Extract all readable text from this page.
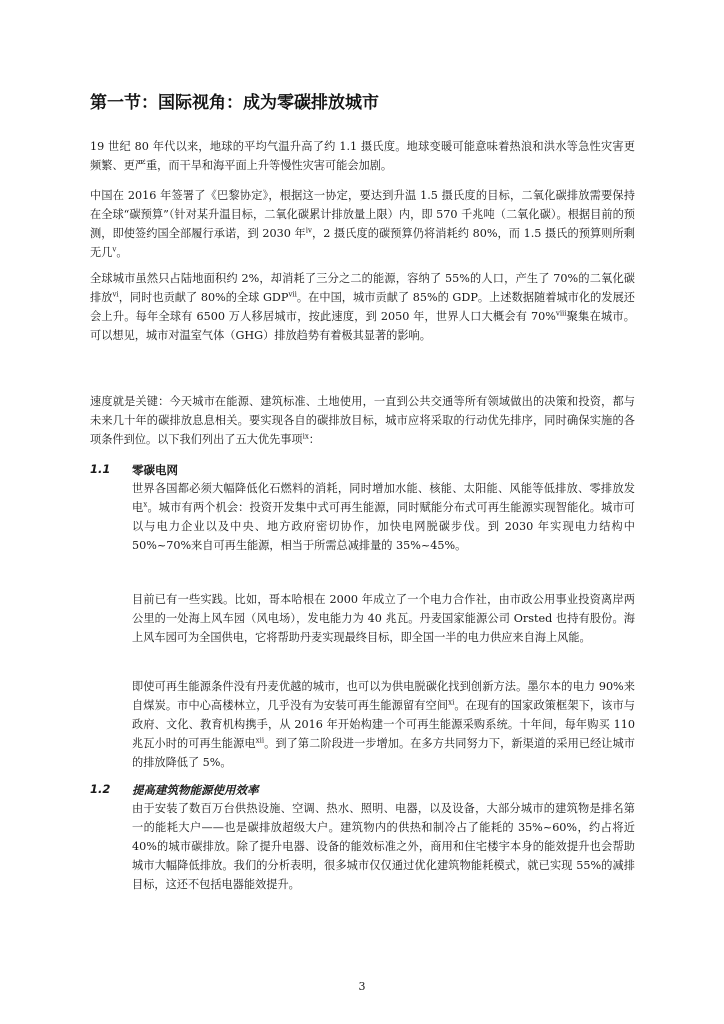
第一节：国际视角：成为零碳排放城市

19 世纪 80 年代以来，地球的平均气温升高了约 1.1 摄氏度。地球变暖可能意味着热浪和洪水等急性灾害更频繁、更严重，而干旱和海平面上升等慢性灾害可能会加剧。

中国在 2016 年签署了《巴黎协定》，根据这一协定，要达到升温 1.5 摄氏度的目标，二氧化碳排放需要保持在全球“碳预算”（针对某升温目标，二氧化碳累计排放量上限）内，即 570 千兆吨（二氧化碳）。根据目前的预测，即使签约国全部履行承诺，到 2030 年$^{iv}$，2 摄氏度的碳预算仍将消耗约 80%，而 1.5 摄氏的预算则所剩无几$^v$。

全球城市虽然只占陆地面积约 2%，却消耗了三分之二的能源，容纳了 55%的人口，产生了 70%的二氧化碳排放$^{vi}$，同时也贡献了 80%的全球 GDP$^{vii}$。在中国，城市贡献了 85%的 GDP。上述数据随着城市化的发展还会上升。每年全球有 6500 万人移居城市，按此速度，到 2050 年，世界人口大概会有 70%$^{viii}$聚集在城市。可以想见，城市对温室气体（GHG）排放趋势有着极其显著的影响。

速度就是关键：今天城市在能源、建筑标准、土地使用，一直到公共交通等所有领域做出的决策和投资，都与未来几十年的碳排放息息相关。要实现各自的碳排放目标，城市应将采取的行动优先排序，同时确保实施的各项条件到位。以下我们列出了五大优先事项$^{ix}$：

1.1 零碳电网

世界各国都必须大幅降低化石燃料的消耗，同时增加水能、核能、太阳能、风能等低排放、零排放发电$^x$。城市有两个机会：投资开发集中式可再生能源，同时赋能分布式可再生能源实现智能化。城市可以与电力企业以及中央、地方政府密切协作，加快电网脱碳步伐。到 2030 年实现电力结构中 50%~70%来自可再生能源，相当于所需总减排量的 35%~45%。

目前已有一些实践。比如，哥本哈根在 2000 年成立了一个电力合作社，由市政公用事业投资离岸两公里的一处海上风车园（风电场），发电能力为 40 兆瓦。丹麦国家能源公司 Orsted 也持有股份。海上风车园可为全国供电，它将帮助丹麦实现最终目标，即全国一半的电力供应来自海上风能。

即使可再生能源条件没有丹麦优越的城市，也可以为供电脱碳化找到创新方法。墨尔本的电力 90%来自煤炭。市中心高楼林立，几乎没有为安装可再生能源留有空间$^{xi}$。在现有的国家政策框架下，该市与政府、文化、教育机构携手，从 2016 年开始构建一个可再生能源采购系统。十年间，每年购买 110 兆瓦小时的可再生能源电$^{xii}$。到了第二阶段进一步增加。在多方共同努力下，新渠道的采用已经让城市的排放降低了 5%。

1.2 提高建筑物能源使用效率

由于安装了数百万台供热设施、空调、热水、照明、电器，以及设备，大部分城市的建筑物是排名第一的能耗大户——也是碳排放超级大户。建筑物内的供热和制冷占了能耗的 35%~60%，约占将近 40%的城市碳排放。除了提升电器、设备的能效标准之外，商用和住宅楼宇本身的能效提升也会帮助城市大幅降低排放。我们的分析表明，很多城市仅仅通过优化建筑物能耗模式，就已实现 55%的减排目标，这还不包括电器能效提升。

3
